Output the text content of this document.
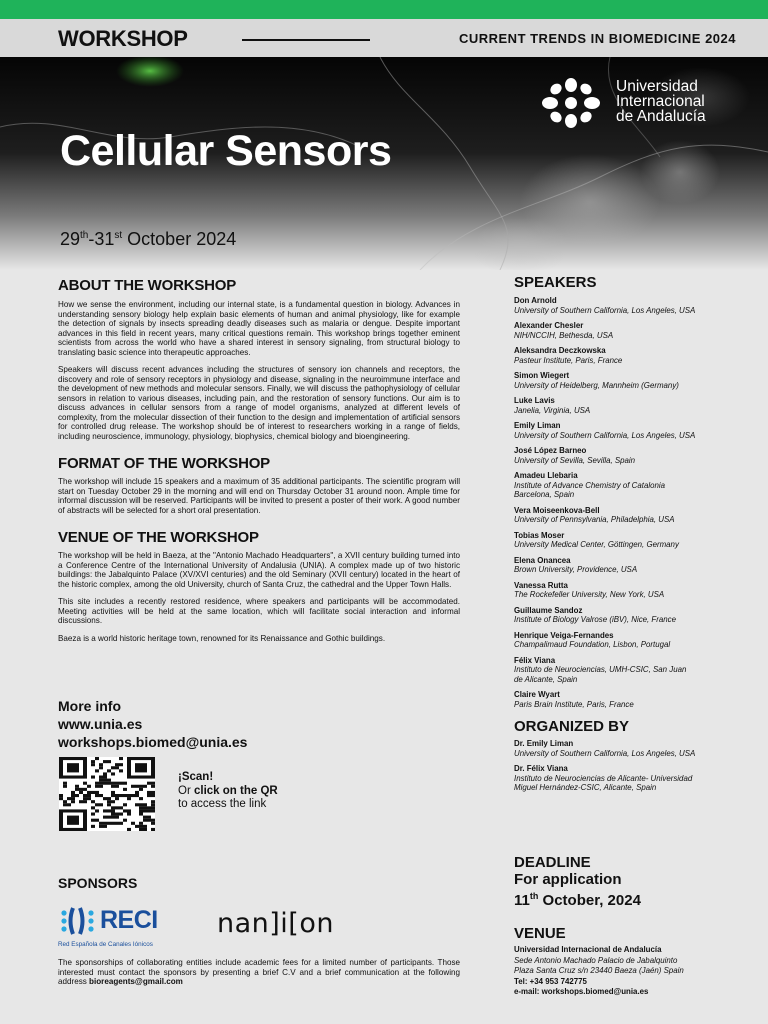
WORKSHOP	CURRENT TRENDS IN BIOMEDICINE 2024
Cellular Sensors
29th-31st October 2024
Universidad
Internacional
de Andalucía
ABOUT THE WORKSHOP

How we sense the environment, including our internal state, is a fundamental question in biology. Advances in understanding sensory biology help explain basic elements of human and animal physiology, like for example the detection of signals by insects spreading deadly diseases such as malaria or dengue. Despite important advances in this field in recent years, many critical questions remain. This workshop brings together eminent scientists from across the world who have a shared interest in sensory signaling, from structural biology to translating basic science into therapeutic approaches.

Speakers will discuss recent advances including the structures of sensory ion channels and receptors, the discovery and role of sensory receptors in physiology and disease, signaling in the neuroimmune interface and the development of new methods and molecular sensors. Finally, we will discuss the pathophysiology of cellular sensors in relation to various diseases, including pain, and the restoration of sensory functions. Our aim is to discuss advances in cellular sensors from a range of model organisms, analyzed at different levels of complexity, from the molecular dissection of their function to the design and implementation of artificial sensors for controlled drug release. The workshop should be of interest to researchers working in a range of fields, including neuroscience, immunology, physiology, biophysics, chemical biology and bioengineering.

FORMAT OF THE WORKSHOP

The workshop will include 15 speakers and a maximum of 35 additional participants. The scientific program will start on Tuesday October 29 in the morning and will end on Thursday October 31 around noon. Ample time for informal discussion will be reserved. Participants will be invited to present a poster of their work. A good number of abstracts will be selected for a short oral presentation.

VENUE OF THE WORKSHOP

The workshop will be held in Baeza, at the "Antonio Machado Headquarters", a XVII century building turned into a Conference Centre of the International University of Andalusia (UNIA). A complex made up of two historic buildings: the Jabalquinto Palace (XV/XVI centuries) and the old Seminary (XVII century) located in the heart of the historic complex, among the old University, church of Santa Cruz, the cathedral and the Upper Town Halls.

This site includes a recently restored residence, where speakers and participants will be accommodated. Meeting activities will be held at the same location, which will facilitate social interaction and informal discussions.

Baeza is a world historic heritage town, renowned for its Renaissance and Gothic buildings.

More info
www.unia.es
workshops.biomed@unia.es
¡Scan!
Or click on the QR
to access the link
SPONSORS
RECI
Red Española de Canales Iónicos
nan]i[on

The sponsorships of collaborating entities include academic fees for a limited number of participants. Those interested must contact the sponsors by presenting a brief C.V and a brief communication at the following address bioreagents@gmail.com

SPEAKERS
Don Arnold
University of Southern California, Los Angeles, USA
Alexander Chesler
NIH/NCCIH, Bethesda, USA
Aleksandra Deczkowska
Pasteur Institute, Paris, France
Simon Wiegert
University of Heidelberg, Mannheim (Germany)
Luke Lavis
Janelia, Virginia, USA
Emily Liman
University of Southern California, Los Angeles, USA
José López Barneo
University of Sevilla, Sevilla, Spain
Amadeu Llebaria
Institute of Advance Chemistry of Catalonia
Barcelona, Spain
Vera Moiseenkova-Bell
University of Pennsylvania, Philadelphia, USA
Tobias Moser
University Medical Center, Göttingen, Germany
Elena Onancea
Brown University, Providence, USA
Vanessa Rutta
The Rockefeller University, New York, USA
Guillaume Sandoz
Institute of Biology Valrose (iBV), Nice, France
Henrique Veiga-Fernandes
Champalimaud Foundation, Lisbon, Portugal
Félix Viana
Instituto de Neurociencias, UMH-CSIC, San Juan
de Alicante, Spain
Claire Wyart
Paris Brain Institute, Paris, France
ORGANIZED BY
Dr. Emily Liman
University of Southern California, Los Angeles, USA
Dr. Félix Viana
Instituto de Neurociencias de Alicante- Universidad
Miguel Hernández-CSIC, Alicante, Spain
DEADLINE
For application
11th October, 2024
VENUE
Universidad Internacional de Andalucía
Sede Antonio Machado Palacio de Jabalquinto
Plaza Santa Cruz s/n 23440 Baeza (Jaén) Spain
Tel: +34 953 742775
e-mail: workshops.biomed@unia.es
